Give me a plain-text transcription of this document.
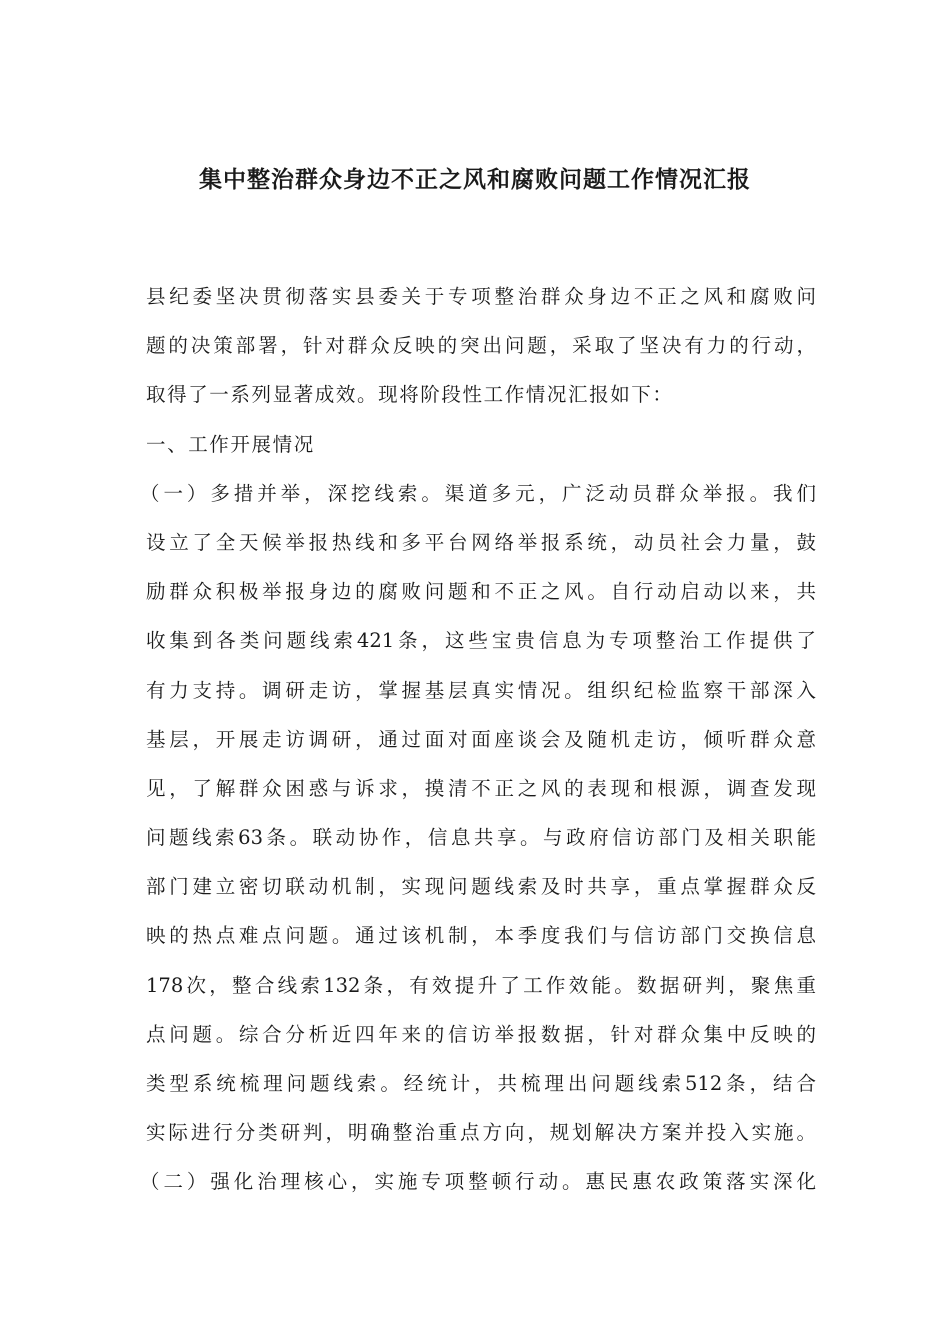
集中整治群众身边不正之风和腐败问题工作情况汇报
县纪委坚决贯彻落实县委关于专项整治群众身边不正之风和腐败问
题的决策部署，针对群众反映的突出问题，采取了坚决有力的行动，
取得了一系列显著成效。现将阶段性工作情况汇报如下：
一、工作开展情况
（一）多措并举，深挖线索。渠道多元，广泛动员群众举报。我们
设立了全天候举报热线和多平台网络举报系统，动员社会力量，鼓
励群众积极举报身边的腐败问题和不正之风。自行动启动以来，共
收集到各类问题线索421条，这些宝贵信息为专项整治工作提供了
有力支持。调研走访，掌握基层真实情况。组织纪检监察干部深入
基层，开展走访调研，通过面对面座谈会及随机走访，倾听群众意
见，了解群众困惑与诉求，摸清不正之风的表现和根源，调查发现
问题线索63条。联动协作，信息共享。与政府信访部门及相关职能
部门建立密切联动机制，实现问题线索及时共享，重点掌握群众反
映的热点难点问题。通过该机制，本季度我们与信访部门交换信息
178次，整合线索132条，有效提升了工作效能。数据研判，聚焦重
点问题。综合分析近四年来的信访举报数据，针对群众集中反映的
类型系统梳理问题线索。经统计，共梳理出问题线索512条，结合
实际进行分类研判，明确整治重点方向，规划解决方案并投入实施。
（二）强化治理核心，实施专项整顿行动。惠民惠农政策落实深化
